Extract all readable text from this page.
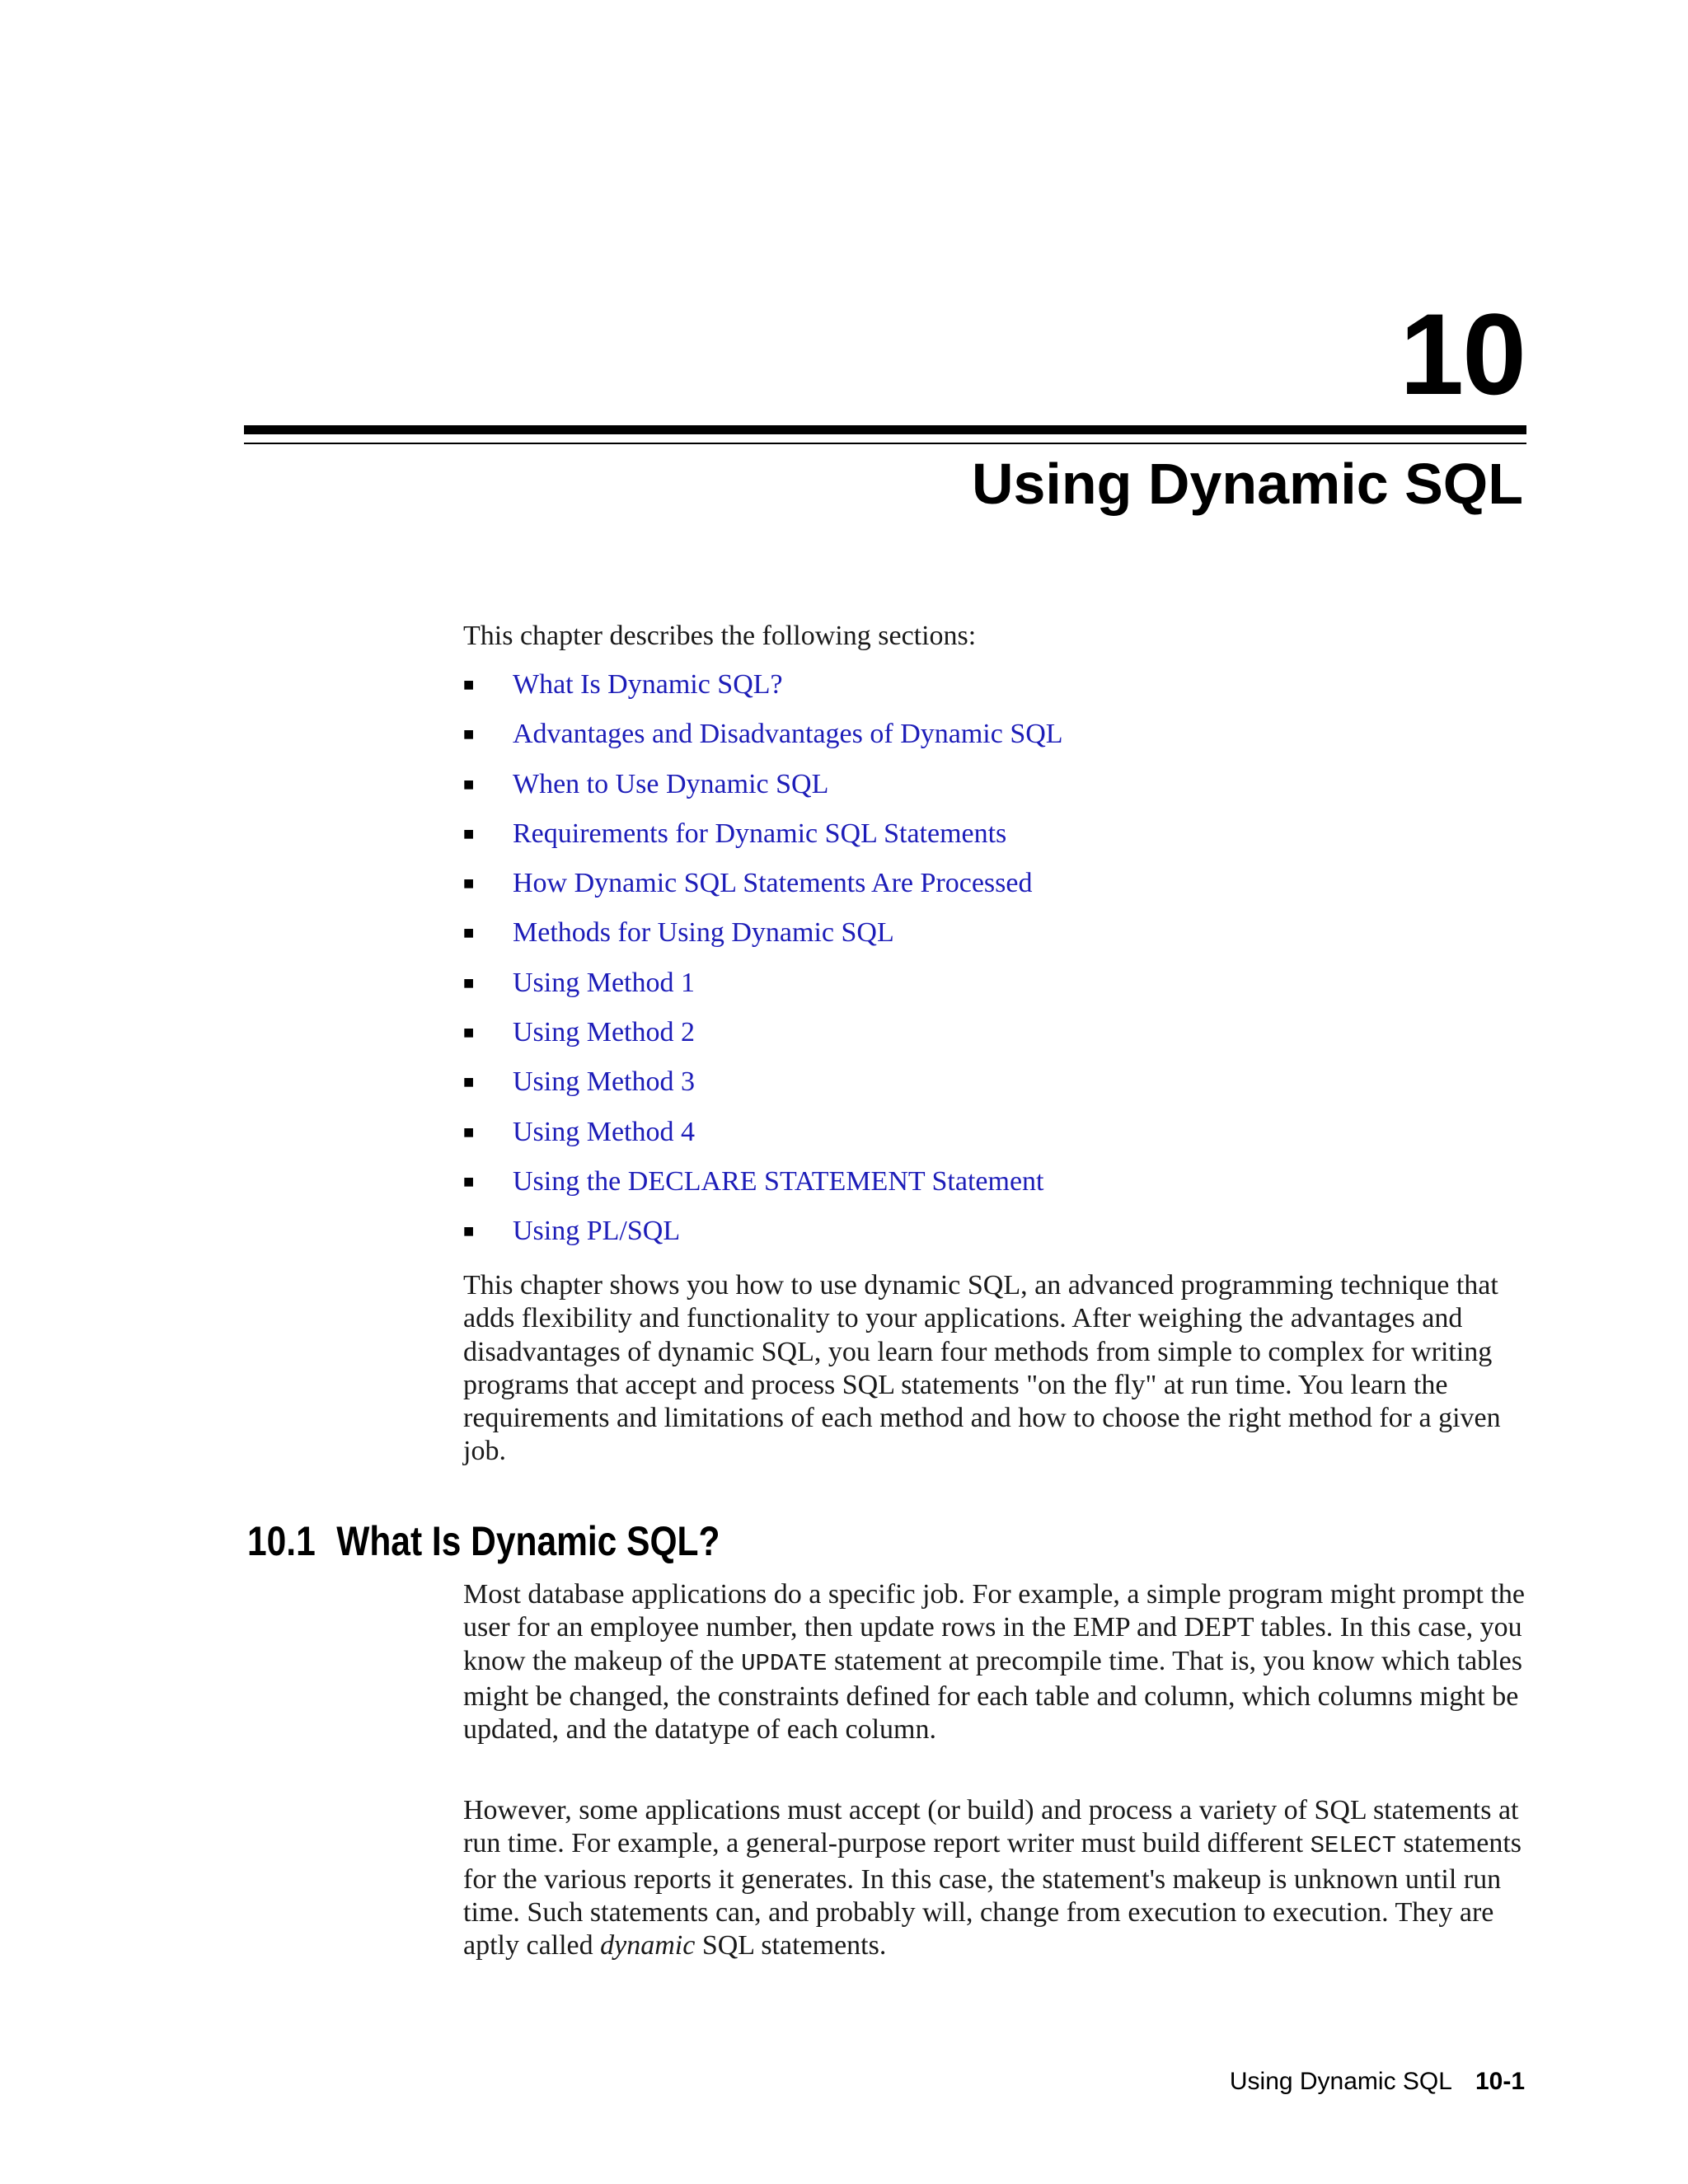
10
Using Dynamic SQL
This chapter describes the following sections:
■	What Is Dynamic SQL?
■	Advantages and Disadvantages of Dynamic SQL
■	When to Use Dynamic SQL
■	Requirements for Dynamic SQL Statements
■	How Dynamic SQL Statements Are Processed
■	Methods for Using Dynamic SQL
■	Using Method 1
■	Using Method 2
■	Using Method 3
■	Using Method 4
■	Using the DECLARE STATEMENT Statement
■	Using PL/SQL

This chapter shows you how to use dynamic SQL, an advanced programming technique that adds flexibility and functionality to your applications. After weighing the advantages and disadvantages of dynamic SQL, you learn four methods from simple to complex for writing programs that accept and process SQL statements "on the fly" at run time. You learn the requirements and limitations of each method and how to choose the right method for a given job.

10.1 What Is Dynamic SQL?

Most database applications do a specific job. For example, a simple program might prompt the user for an employee number, then update rows in the EMP and DEPT tables. In this case, you know the makeup of the UPDATE statement at precompile time. That is, you know which tables might be changed, the constraints defined for each table and column, which columns might be updated, and the datatype of each column.

However, some applications must accept (or build) and process a variety of SQL statements at run time. For example, a general-purpose report writer must build different SELECT statements for the various reports it generates. In this case, the statement's makeup is unknown until run time. Such statements can, and probably will, change from execution to execution. They are aptly called dynamic SQL statements.

Using Dynamic SQL 10-1
